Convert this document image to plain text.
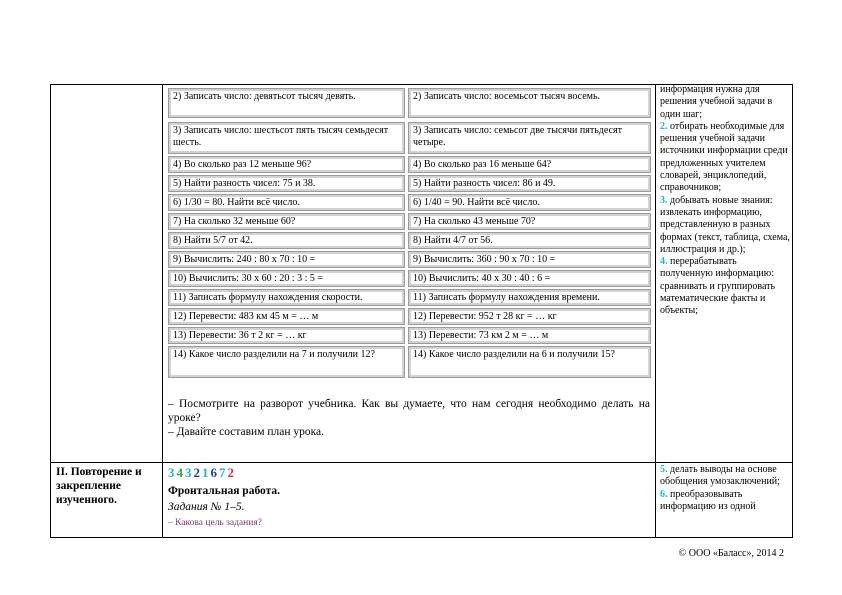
2) Записать число: девятьсот тысяч девять.
3) Записать число: шестьсот пять тысяч семьдесят шесть.
4) Во сколько раз 12 меньше 96?
5) Найти разность чисел: 75 и 38.
6) 1/30 = 80. Найти всё число.
7) На сколько 32 меньше 60?
8) Найти 5/7 от 42.
9) Вычислить: 240 : 80 х 70 : 10 =
10) Вычислить: 30 х 60 : 20 : 3 : 5 =
11) Записать формулу нахождения скорости.
12) Перевести: 483 км 45 м = … м
13) Перевести: 36 т 2 кг = … кг
14) Какое число разделили на 7 и получили 12?
2) Записать число: восемьсот тысяч восемь.
3) Записать число: семьсот две тысячи пятьдесят четыре.
4) Во сколько раз 16 меньше 64?
5) Найти разность чисел: 86 и 49.
6) 1/40 = 90. Найти всё число.
7) На сколько 43 меньше 70?
8) Найти 4/7 от 56.
9) Вычислить: 360 : 90 х 70 : 10 =
10) Вычислить: 40 х 30 : 40 : 6 =
11) Записать формулу нахождения времени.
12) Перевести: 952 т 28 кг = … кг
13) Перевести: 73 км 2 м = … м
14) Какое число разделили на 6 и получили 15?
– Посмотрите на разворот учебника. Как вы думаете, что нам сегодня необходимо делать на уроке?
– Давайте составим план урока.
информация нужна для решения учебной задачи в один шаг;
2. отбирать необходимые для решения учебной задачи источники информации среди предложенных учителем словарей, энциклопедий, справочников;
3. добывать новые знания: извлекать информацию, представленную в разных формах (текст, таблица, схема, иллюстрация и др.);
4. перерабатывать полученную информацию: сравнивать и группировать математические факты и объекты;
II. Повторение и закрепление изученного.
3 4 3 2 1 6 7 2
Фронтальная работа.
Задания № 1–5.
– Какова цель задания?
5. делать выводы на основе обобщения умозаключений;
6. преобразовывать информацию из одной
© ООО «Баласс», 2014 2
